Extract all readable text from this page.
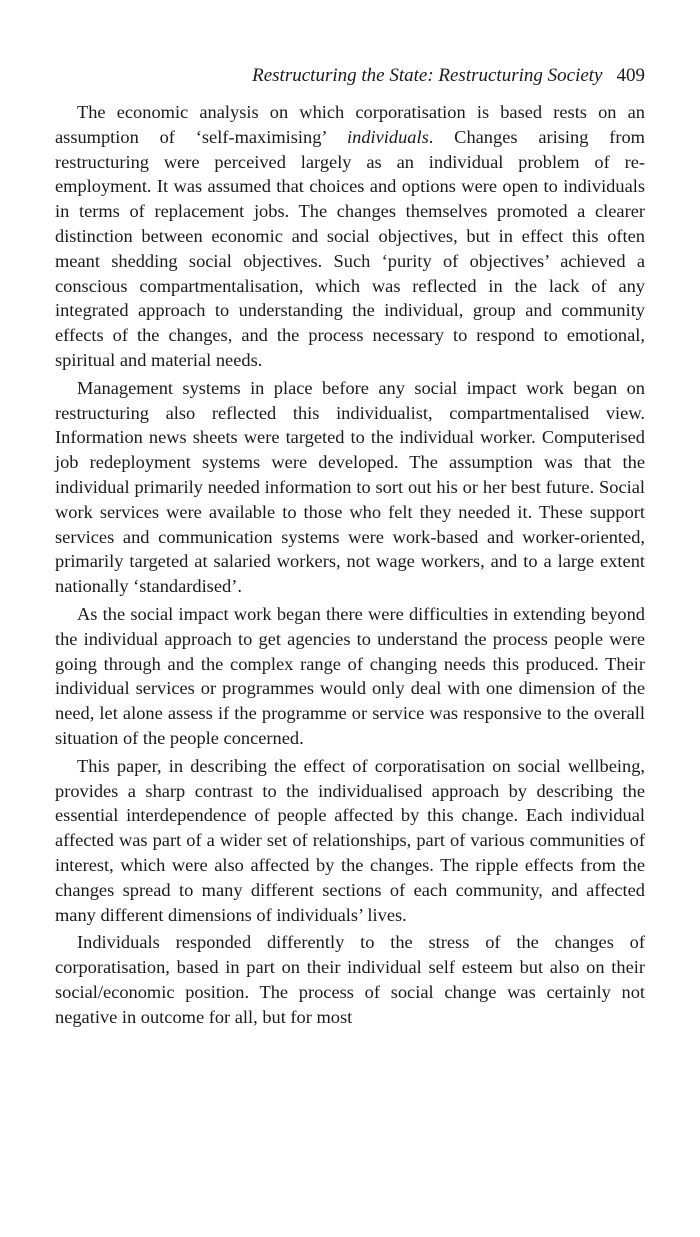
Restructuring the State: Restructuring Society 409

The economic analysis on which corporatisation is based rests on an assumption of ‘self-maximising’ individuals. Changes arising from restructuring were perceived largely as an individual problem of re-employment. It was assumed that choices and options were open to individuals in terms of replacement jobs. The changes themselves promoted a clearer distinction between economic and social objectives, but in effect this often meant shedding social objectives. Such ‘purity of objectives’ achieved a conscious compartmentalisation, which was reflected in the lack of any integrated approach to understanding the individual, group and community effects of the changes, and the process necessary to respond to emotional, spiritual and material needs.

Management systems in place before any social impact work began on restructuring also reflected this individualist, compartmentalised view. Information news sheets were targeted to the individual worker. Computerised job redeployment systems were developed. The assumption was that the individual primarily needed information to sort out his or her best future. Social work services were available to those who felt they needed it. These support services and communication systems were work-based and worker-oriented, primarily targeted at salaried workers, not wage workers, and to a large extent nationally ‘standardised’.

As the social impact work began there were difficulties in extending beyond the individual approach to get agencies to understand the process people were going through and the complex range of changing needs this produced. Their individual services or programmes would only deal with one dimension of the need, let alone assess if the programme or service was responsive to the overall situation of the people concerned.

This paper, in describing the effect of corporatisation on social wellbeing, provides a sharp contrast to the individualised approach by describing the essential interdependence of people affected by this change. Each individual affected was part of a wider set of relationships, part of various communities of interest, which were also affected by the changes. The ripple effects from the changes spread to many different sections of each community, and affected many different dimensions of individuals’ lives.

Individuals responded differently to the stress of the changes of corporatisation, based in part on their individual self esteem but also on their social/economic position. The process of social change was certainly not negative in outcome for all, but for most
